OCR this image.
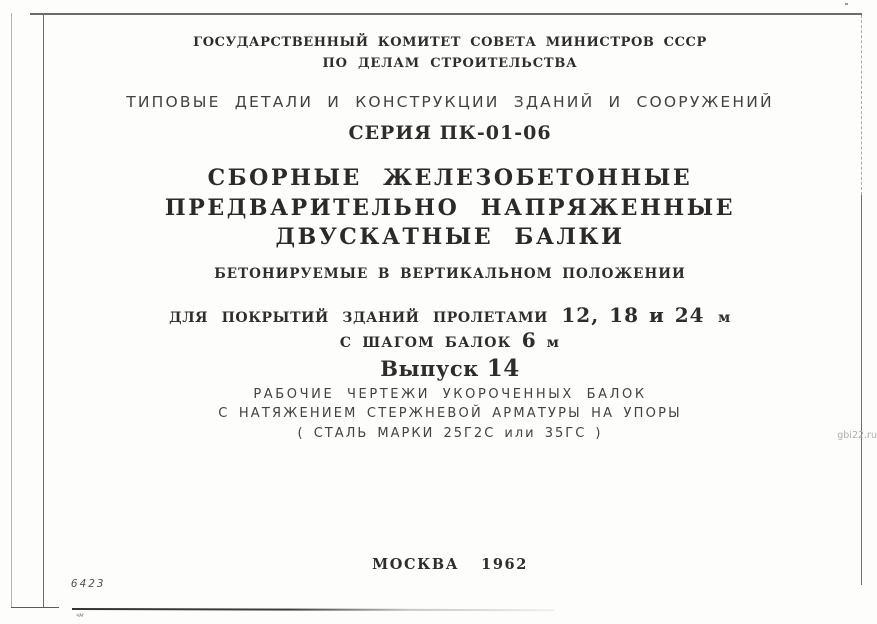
ГОСУДАРСТВЕННЫЙ КОМИТЕТ СОВЕТА МИНИСТРОВ СССР
ПО ДЕЛАМ СТРОИТЕЛЬСТВА
ТИПОВЫЕ ДЕТАЛИ И КОНСТРУКЦИИ ЗДАНИЙ И СООРУЖЕНИЙ
СЕРИЯ ПК-01-06
СБОРНЫЕ ЖЕЛЕЗОБЕТОННЫЕ
ПРЕДВАРИТЕЛЬНО НАПРЯЖЕННЫЕ
ДВУСКАТНЫЕ БАЛКИ
БЕТОНИРУЕМЫЕ В ВЕРТИКАЛЬНОМ ПОЛОЖЕНИИ
ДЛЯ ПОКРЫТИЙ ЗДАНИЙ ПРОЛЕТАМИ 12, 18 и 24 м
С ШАГОМ БАЛОК 6 м
Выпуск 14
РАБОЧИЕ ЧЕРТЕЖИ УКОРОЧЕННЫХ БАЛОК
С НАТЯЖЕНИЕМ СТЕРЖНЕВОЙ АРМАТУРЫ НА УПОРЫ
( СТАЛЬ МАРКИ 25Г2С или 35ГС )
МОСКВА 1962
6423
чм
gbi22.ru
